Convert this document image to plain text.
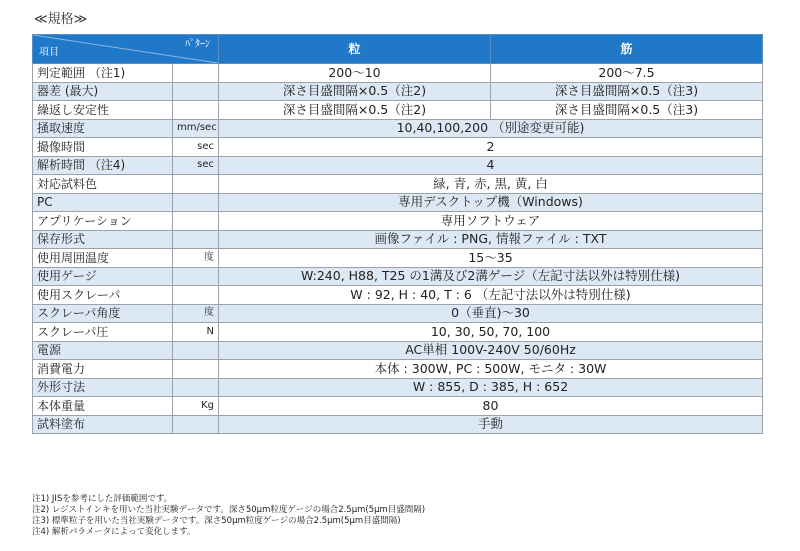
≪規格≫
ﾊﾟﾀｰﾝ
項目		粒	筋
判定範囲 （注1)		200～10	200～7.5
器差 (最大)		深さ目盛間隔×0.5（注2)	深さ目盛間隔×0.5（注3)
繰返し安定性		深さ目盛間隔×0.5（注2)	深さ目盛間隔×0.5（注3)
掻取速度	mm/sec	10,40,100,200 （別途変更可能)	
撮像時間	sec	2	
解析時間 （注4)	sec	4	
対応試料色		緑, 青, 赤, 黒, 黄, 白	
PC		専用デスクトップ機（Windows)	
アプリケーション		専用ソフトウェア	
保存形式		画像ファイル : PNG, 情報ファイル : TXT	
使用周囲温度	度	15～35	
使用ゲージ		W:240, H88, T25 の1溝及び2溝ゲージ（左記寸法以外は特別仕様)	
使用スクレーパ		W : 92, H : 40, T : 6 （左記寸法以外は特別仕様)	
スクレーパ角度	度	0（垂直)～30	
スクレーパ圧	N	10, 30, 50, 70, 100	
電源		AC単相 100V-240V 50/60Hz	
消費電力		本体 : 300W, PC : 500W, モニタ : 30W	
外形寸法		W : 855, D : 385, H : 652	
本体重量	Kg	80	
試料塗布		手動	
注1) JISを参考にした評価範囲です。
注2) レジストインキを用いた当社実験データです。深さ50μm粒度ゲージの場合2.5μm(5μm目盛間隔)
注3) 標準粒子を用いた当社実験データです。深さ50μm粒度ゲージの場合2.5μm(5μm目盛間隔)
注4) 解析パラメータによって変化します。
